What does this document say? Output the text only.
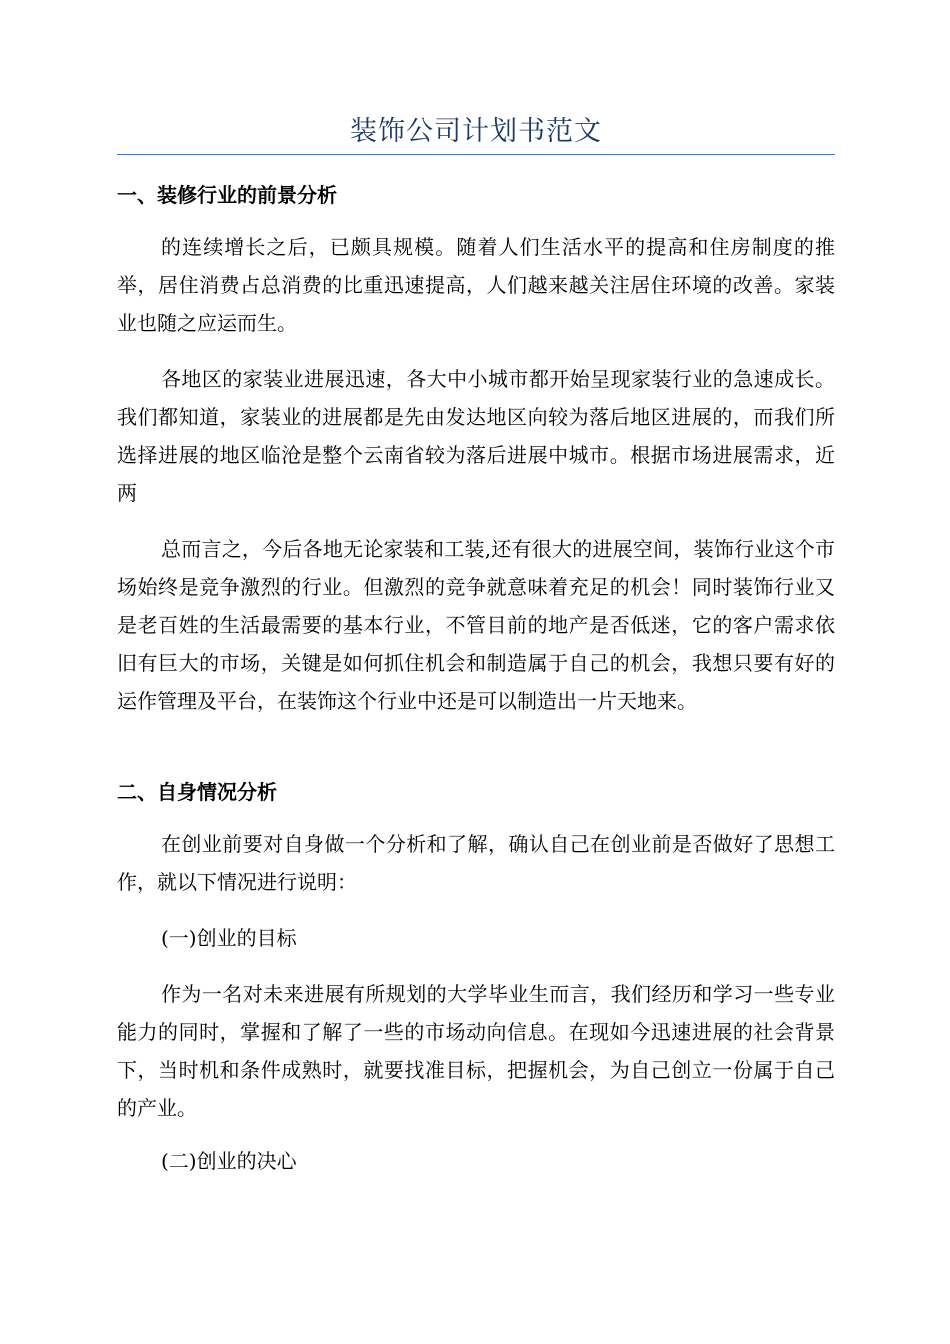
装饰公司计划书范文
一、装修行业的前景分析

的连续增长之后，已颇具规模。随着人们生活水平的提高和住房制度的推举，居住消费占总消费的比重迅速提高，人们越来越关注居住环境的改善。家装业也随之应运而生。

各地区的家装业进展迅速，各大中小城市都开始呈现家装行业的急速成长。我们都知道，家装业的进展都是先由发达地区向较为落后地区进展的，而我们所选择进展的地区临沧是整个云南省较为落后进展中城市。根据市场进展需求，近两

总而言之，今后各地无论家装和工装,还有很大的进展空间，装饰行业这个市场始终是竞争激烈的行业。但激烈的竞争就意味着充足的机会！同时装饰行业又是老百姓的生活最需要的基本行业，不管目前的地产是否低迷，它的客户需求依旧有巨大的市场，关键是如何抓住机会和制造属于自己的机会，我想只要有好的运作管理及平台，在装饰这个行业中还是可以制造出一片天地来。

二、自身情况分析

在创业前要对自身做一个分析和了解，确认自己在创业前是否做好了思想工作，就以下情况进行说明：

(一)创业的目标

作为一名对未来进展有所规划的大学毕业生而言，我们经历和学习一些专业能力的同时，掌握和了解了一些的市场动向信息。在现如今迅速进展的社会背景下，当时机和条件成熟时，就要找准目标，把握机会，为自己创立一份属于自己的产业。

(二)创业的决心
